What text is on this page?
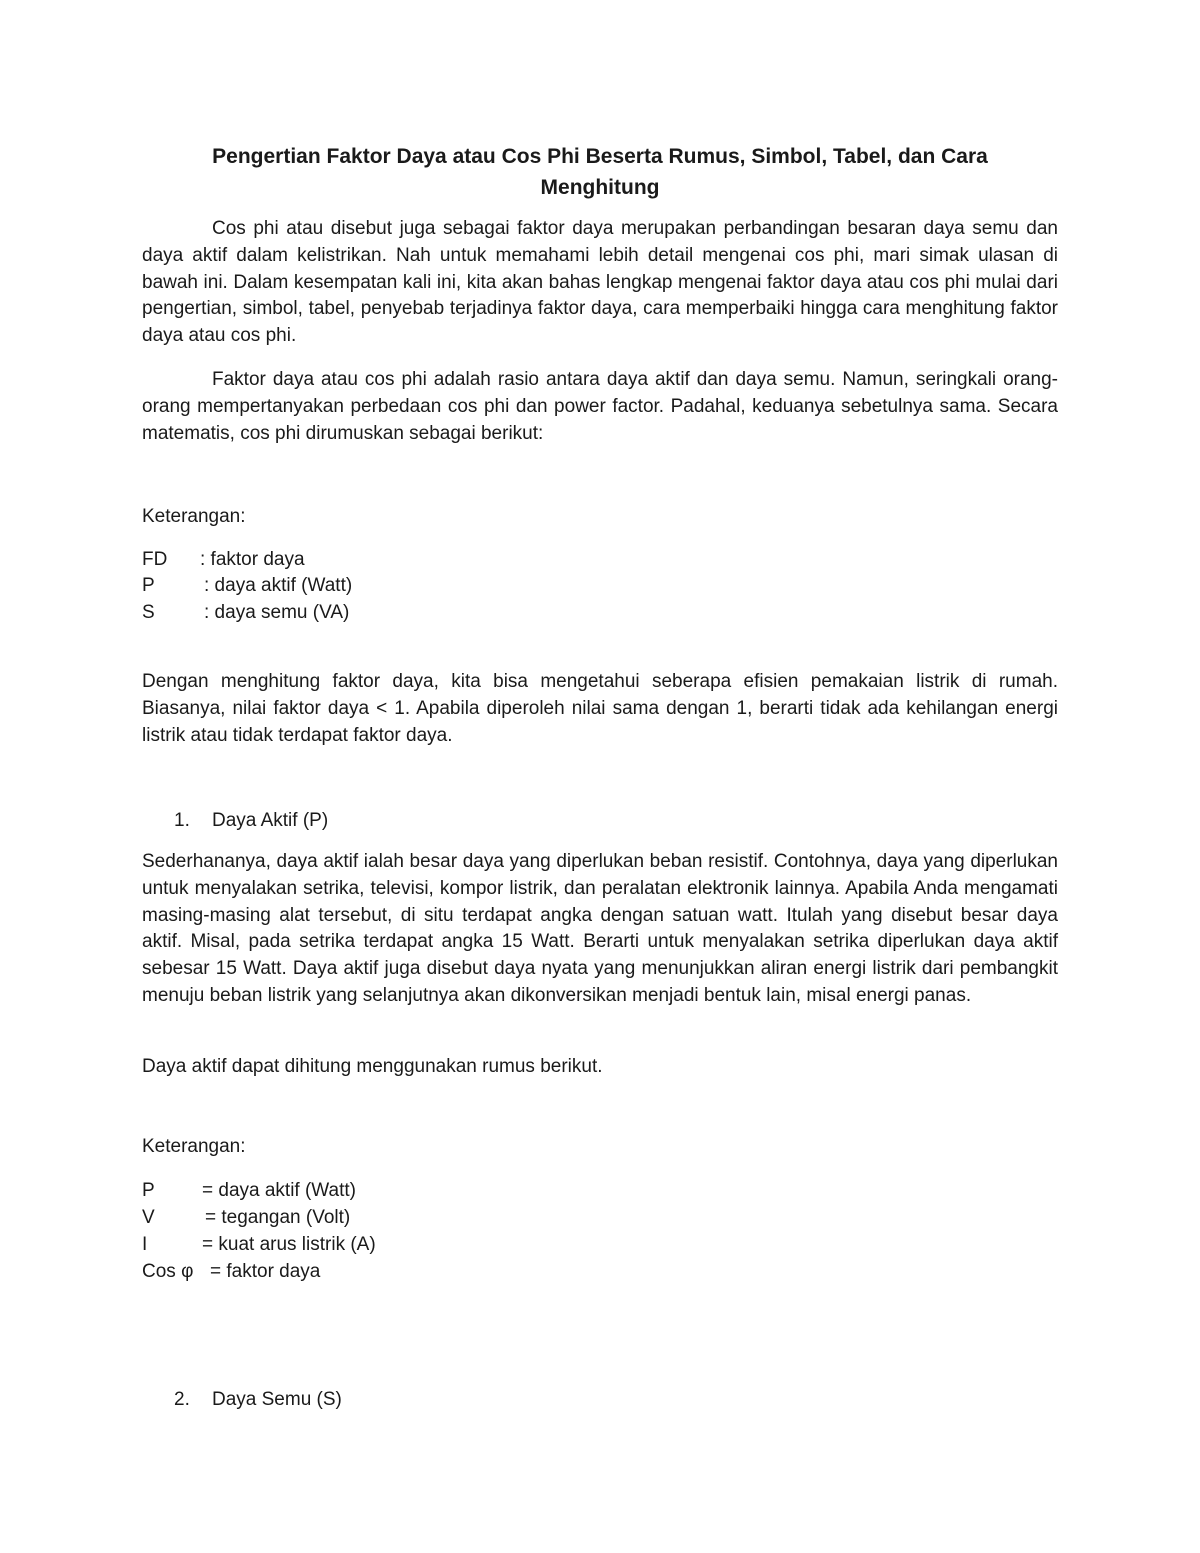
Pengertian Faktor Daya atau Cos Phi Beserta Rumus, Simbol, Tabel, dan Cara
Menghitung

Cos phi atau disebut juga sebagai faktor daya merupakan perbandingan besaran daya semu dan daya aktif dalam kelistrikan. Nah untuk memahami lebih detail mengenai cos phi, mari simak ulasan di bawah ini. Dalam kesempatan kali ini, kita akan bahas lengkap mengenai faktor daya atau cos phi mulai dari pengertian, simbol, tabel, penyebab terjadinya faktor daya, cara memperbaiki hingga cara menghitung faktor daya atau cos phi.

Faktor daya atau cos phi adalah rasio antara daya aktif dan daya semu. Namun, seringkali orang-orang mempertanyakan perbedaan cos phi dan power factor. Padahal, keduanya sebetulnya sama. Secara matematis, cos phi dirumuskan sebagai berikut:

Keterangan:

FD : faktor daya
P	: daya aktif (Watt)
S	: daya semu (VA)

Dengan menghitung faktor daya, kita bisa mengetahui seberapa efisien pemakaian listrik di rumah. Biasanya, nilai faktor daya < 1. Apabila diperoleh nilai sama dengan 1, berarti tidak ada kehilangan energi listrik atau tidak terdapat faktor daya.

1. Daya Aktif (P)

Sederhananya, daya aktif ialah besar daya yang diperlukan beban resistif. Contohnya, daya yang diperlukan untuk menyalakan setrika, televisi, kompor listrik, dan peralatan elektronik lainnya. Apabila Anda mengamati masing-masing alat tersebut, di situ terdapat angka dengan satuan watt. Itulah yang disebut besar daya aktif. Misal, pada setrika terdapat angka 15 Watt. Berarti untuk menyalakan setrika diperlukan daya aktif sebesar 15 Watt. Daya aktif juga disebut daya nyata yang menunjukkan aliran energi listrik dari pembangkit menuju beban listrik yang selanjutnya akan dikonversikan menjadi bentuk lain, misal energi panas.

Daya aktif dapat dihitung menggunakan rumus berikut.

Keterangan:

P = daya aktif (Watt)
V	= tegangan (Volt)
I	= kuat arus listrik (A)
Cos φ = faktor daya
2. Daya Semu (S)
